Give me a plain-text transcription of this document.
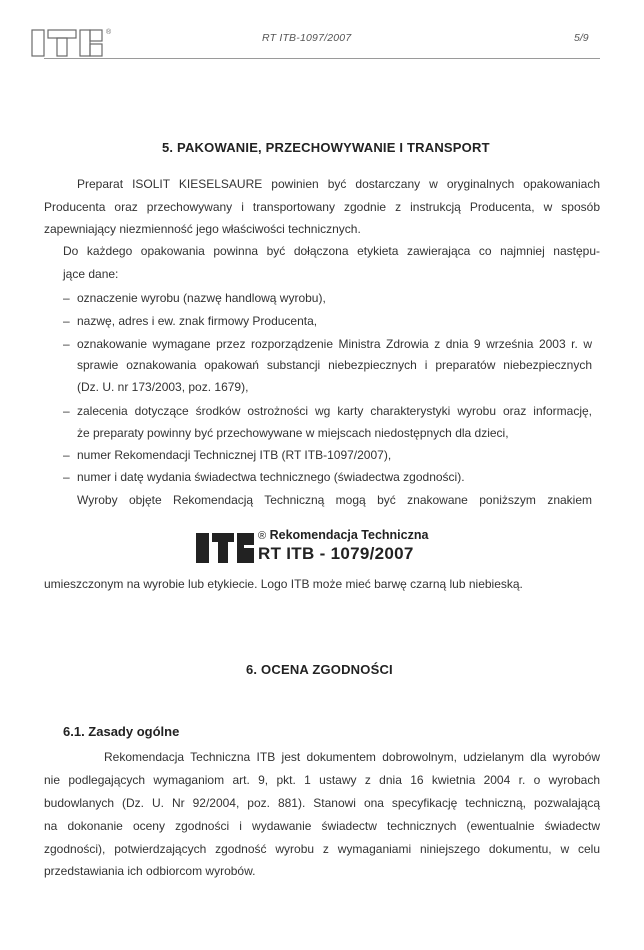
®	RT ITB-1097/2007	5/9
5. PAKOWANIE, PRZECHOWYWANIE I TRANSPORT
Preparat ISOLIT KIESELSAURE powinien być dostarczany w oryginalnych opakowaniach
Producenta oraz przechowywany i transportowany zgodnie z instrukcją Producenta, w sposób
zapewniający niezmienność jego właściwości technicznych.
Do każdego opakowania powinna być dołączona etykieta zawierająca co najmniej następu-
jące dane:
– oznaczenie wyrobu (nazwę handlową wyrobu),
– nazwę, adres i ew. znak firmowy Producenta,
– oznakowanie wymagane przez rozporządzenie Ministra Zdrowia z dnia 9 września 2003 r. w
sprawie oznakowania opakowań substancji niebezpiecznych i preparatów niebezpiecznych
(Dz. U. nr 173/2003, poz. 1679),
– zalecenia dotyczące środków ostrożności wg karty charakterystyki wyrobu oraz informację,
że preparaty powinny być przechowywane w miejscach niedostępnych dla dzieci,
– numer Rekomendacji Technicznej ITB (RT ITB-1097/2007),
– numer i datę wydania świadectwa technicznego (świadectwa zgodności).
Wyroby objęte Rekomendacją Techniczną mogą być znakowane poniższym znakiem
® Rekomendacja Techniczna
RT ITB - 1079/2007
umieszczonym na wyrobie lub etykiecie. Logo ITB może mieć barwę czarną lub niebieską.
6. OCENA ZGODNOŚCI
6.1. Zasady ogólne
Rekomendacja Techniczna ITB jest dokumentem dobrowolnym, udzielanym dla wyrobów
nie podlegających wymaganiom art. 9, pkt. 1 ustawy z dnia 16 kwietnia 2004 r. o wyrobach
budowlanych (Dz. U. Nr 92/2004, poz. 881). Stanowi ona specyfikację techniczną, pozwalającą
na dokonanie oceny zgodności i wydawanie świadectw technicznych (ewentualnie świadectw
zgodności), potwierdzających zgodność wyrobu z wymaganiami niniejszego dokumentu, w celu
przedstawiania ich odbiorcom wyrobów.
